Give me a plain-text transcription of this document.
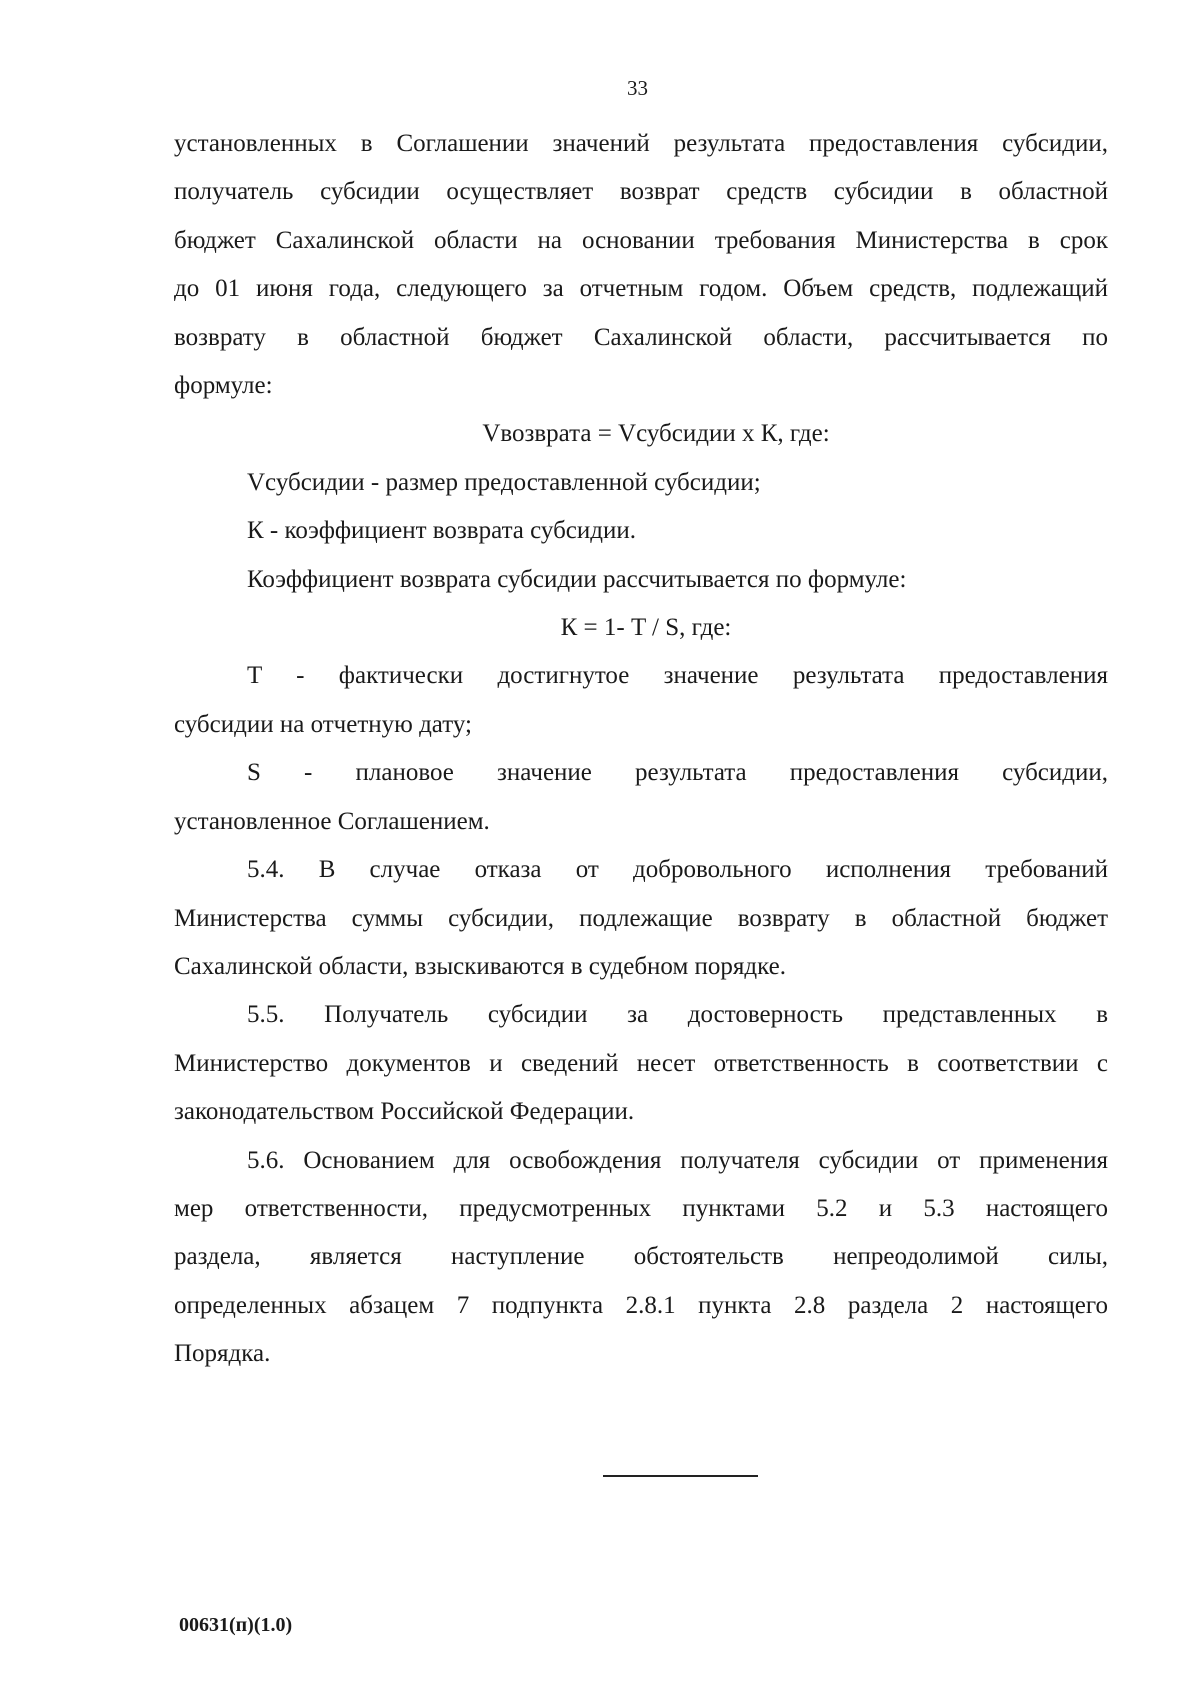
33

установленных в Соглашении значений результата предоставления субсидии,

получатель субсидии осуществляет возврат средств субсидии в областной

бюджет Сахалинской области на основании требования Министерства в срок

до 01 июня года, следующего за отчетным годом. Объем средств, подлежащий

возврату в областной бюджет Сахалинской области, рассчитывается по

формуле:

Vвозврата = Vсубсидии x К, где:

Vсубсидии - размер предоставленной субсидии;

К - коэффициент возврата субсидии.

Коэффициент возврата субсидии рассчитывается по формуле:

К = 1- T / S, где:

T - фактически достигнутое значение результата предоставления

субсидии на отчетную дату;

S - плановое значение результата предоставления субсидии,

установленное Соглашением.

5.4. В случае отказа от добровольного исполнения требований

Министерства суммы субсидии, подлежащие возврату в областной бюджет

Сахалинской области, взыскиваются в судебном порядке.

5.5. Получатель субсидии за достоверность представленных в

Министерство документов и сведений несет ответственность в соответствии с

законодательством Российской Федерации.

5.6. Основанием для освобождения получателя субсидии от применения

мер ответственности, предусмотренных пунктами 5.2 и 5.3 настоящего

раздела, является наступление обстоятельств непреодолимой силы,

определенных абзацем 7 подпункта 2.8.1 пункта 2.8 раздела 2 настоящего

Порядка.

00631(п)(1.0)
